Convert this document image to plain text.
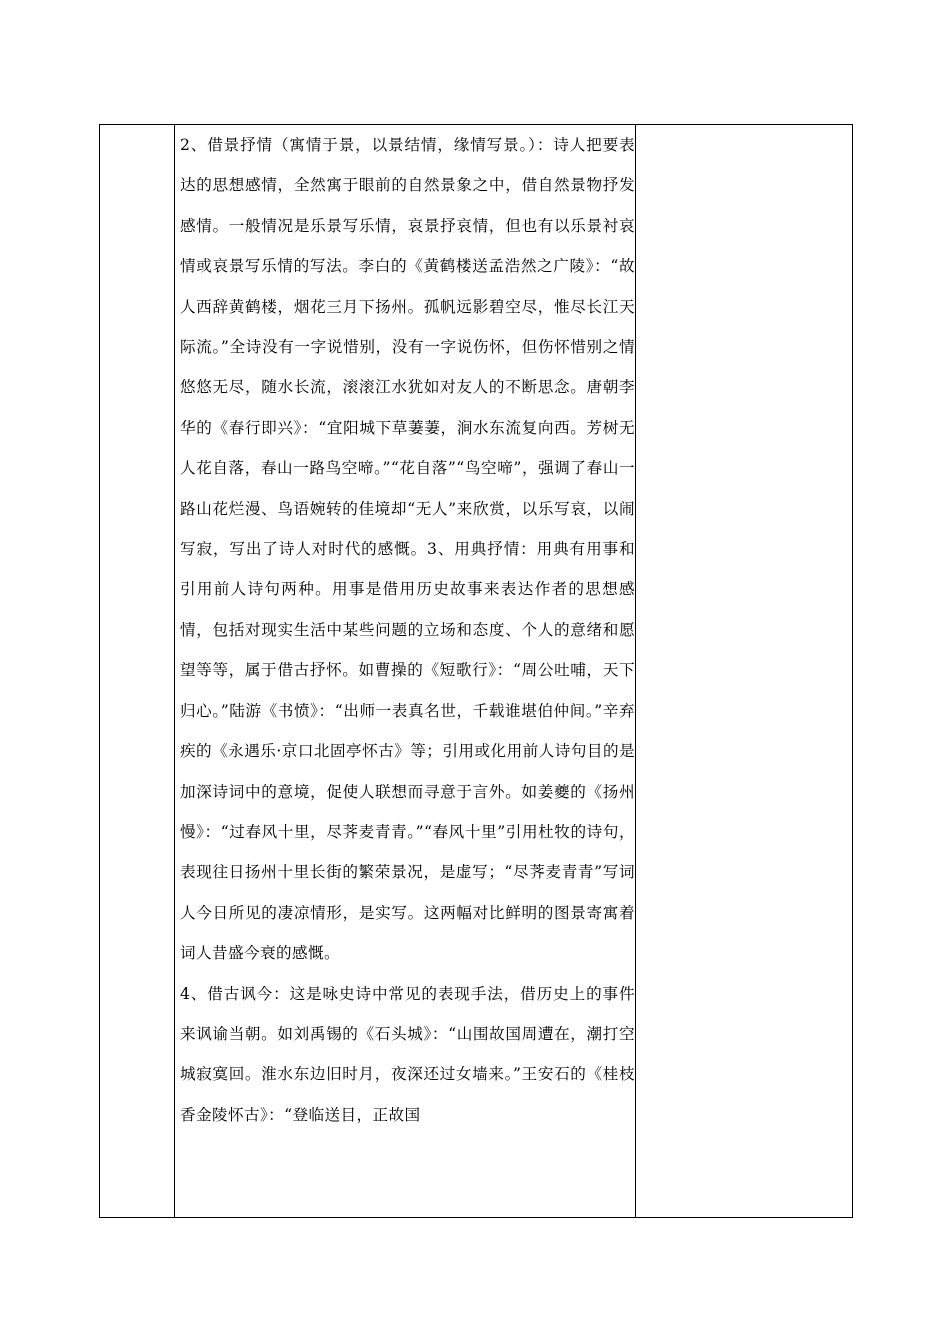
2、借景抒情（寓情于景，以景结情，缘情写景。）：诗人把要表达的思想感情，全然寓于眼前的自然景象之中，借自然景物抒发感情。一般情况是乐景写乐情，哀景抒哀情，但也有以乐景衬哀情或哀景写乐情的写法。李白的《黄鹤楼送孟浩然之广陵》：“故人西辞黄鹤楼，烟花三月下扬州。孤帆远影碧空尽，惟尽长江天际流。”全诗没有一字说惜别，没有一字说伤怀，但伤怀惜别之情悠悠无尽，随水长流，滚滚江水犹如对友人的不断思念。唐朝李华的《春行即兴》：“宜阳城下草萋萋，涧水东流复向西。芳树无人花自落，春山一路鸟空啼。”“花自落”“鸟空啼”，强调了春山一路山花烂漫、鸟语婉转的佳境却“无人”来欣赏，以乐写哀，以闹写寂，写出了诗人对时代的感慨。3、用典抒情：用典有用事和引用前人诗句两种。用事是借用历史故事来表达作者的思想感情，包括对现实生活中某些问题的立场和态度、个人的意绪和愿望等等，属于借古抒怀。如曹操的《短歌行》：“周公吐哺，天下归心。”陆游《书愤》：“出师一表真名世，千载谁堪伯仲间。”辛弃疾的《永遇乐·京口北固亭怀古》等；引用或化用前人诗句目的是加深诗词中的意境，促使人联想而寻意于言外。如姜夔的《扬州慢》：“过春风十里，尽荠麦青青。”“春风十里”引用杜牧的诗句，表现往日扬州十里长街的繁荣景况，是虚写；“尽荠麦青青”写词人今日所见的凄凉情形，是实写。这两幅对比鲜明的图景寄寓着词人昔盛今衰的感慨。

4、借古讽今：这是咏史诗中常见的表现手法，借历史上的事件来讽谕当朝。如刘禹锡的《石头城》：“山围故国周遭在，潮打空城寂寞回。淮水东边旧时月，夜深还过女墙来。”王安石的《桂枝香金陵怀古》：“登临送目，正故国
